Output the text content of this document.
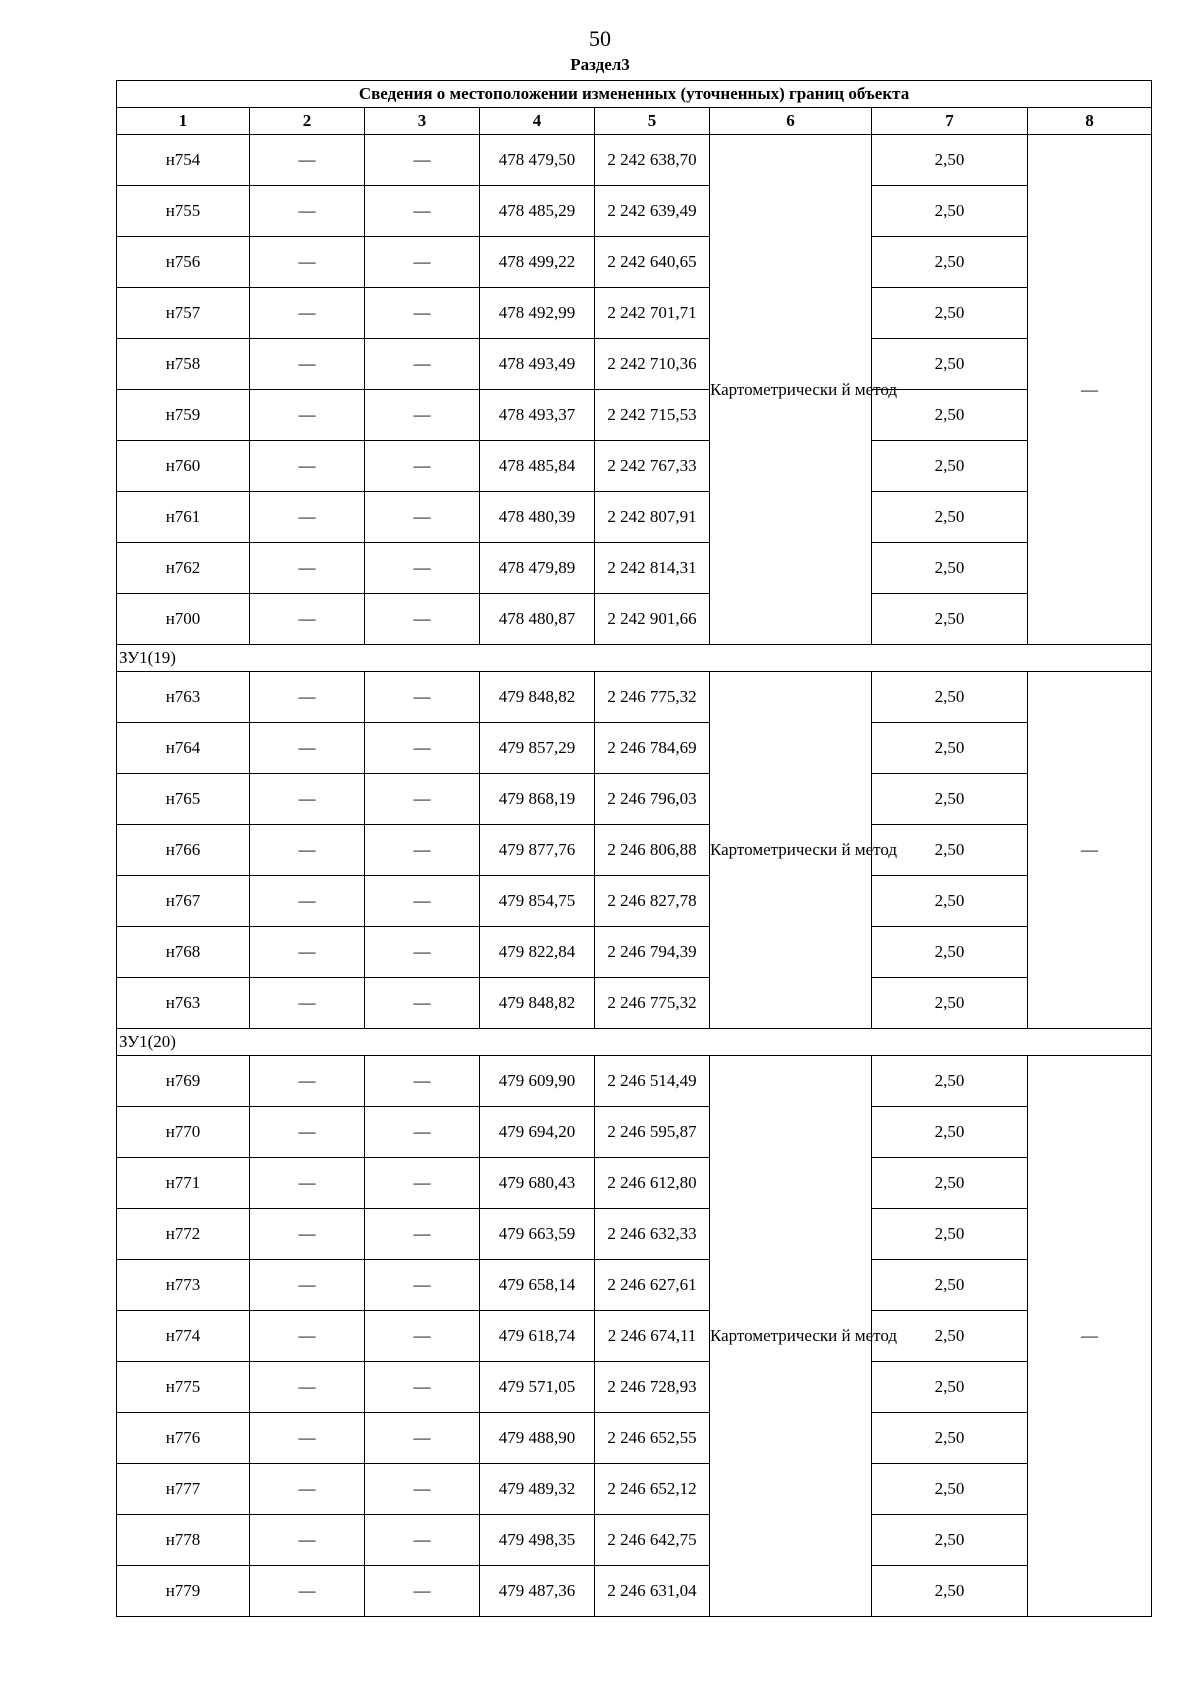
50
Раздел3
Сведения о местоположении измененных (уточненных) границ объекта							
1	2	3	4	5	6	7	8
н754	—	—	478 479,50	2 242 638,70	Картометрически й метод	2,50	—
н755	—	—	478 485,29	2 242 639,49		2,50	
н756	—	—	478 499,22	2 242 640,65		2,50	
н757	—	—	478 492,99	2 242 701,71		2,50	
н758	—	—	478 493,49	2 242 710,36		2,50	
н759	—	—	478 493,37	2 242 715,53		2,50	
н760	—	—	478 485,84	2 242 767,33		2,50	
н761	—	—	478 480,39	2 242 807,91		2,50	
н762	—	—	478 479,89	2 242 814,31		2,50	
н700	—	—	478 480,87	2 242 901,66		2,50	
ЗУ1(19)							
н763	—	—	479 848,82	2 246 775,32	Картометрически й метод	2,50	—
н764	—	—	479 857,29	2 246 784,69		2,50	
н765	—	—	479 868,19	2 246 796,03		2,50	
н766	—	—	479 877,76	2 246 806,88		2,50	
н767	—	—	479 854,75	2 246 827,78		2,50	
н768	—	—	479 822,84	2 246 794,39		2,50	
н763	—	—	479 848,82	2 246 775,32		2,50	
ЗУ1(20)							
н769	—	—	479 609,90	2 246 514,49	Картометрически й метод	2,50	—
н770	—	—	479 694,20	2 246 595,87		2,50	
н771	—	—	479 680,43	2 246 612,80		2,50	
н772	—	—	479 663,59	2 246 632,33		2,50	
н773	—	—	479 658,14	2 246 627,61		2,50	
н774	—	—	479 618,74	2 246 674,11		2,50	
н775	—	—	479 571,05	2 246 728,93		2,50	
н776	—	—	479 488,90	2 246 652,55		2,50	
н777	—	—	479 489,32	2 246 652,12		2,50	
н778	—	—	479 498,35	2 246 642,75		2,50	
н779	—	—	479 487,36	2 246 631,04		2,50	
